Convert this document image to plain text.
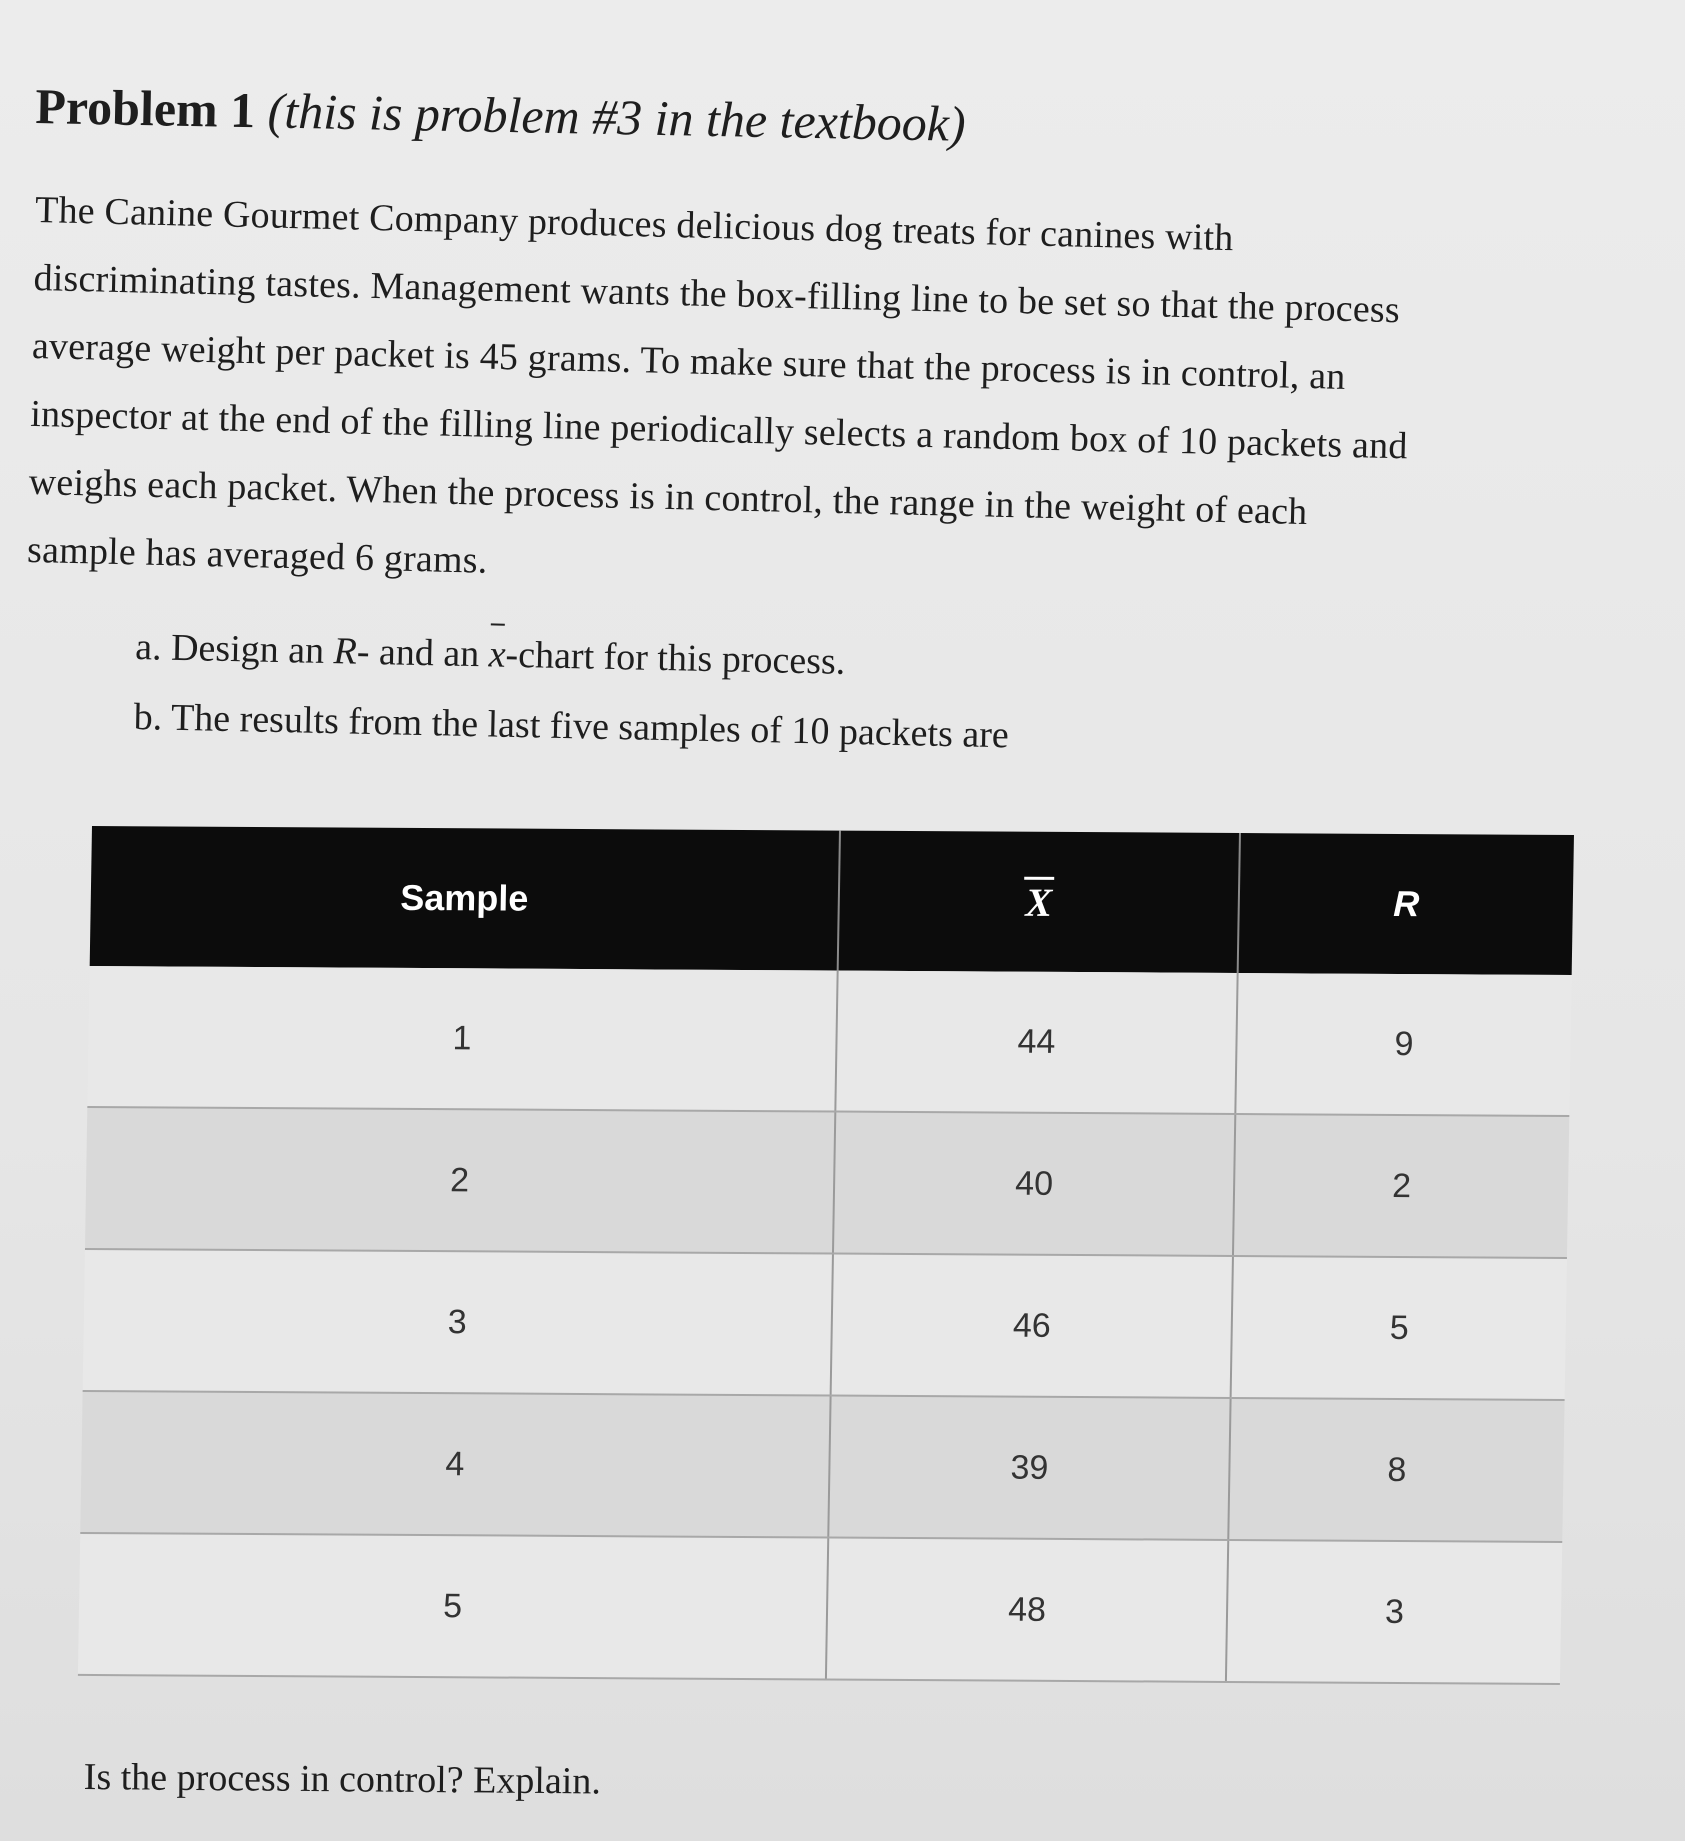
Problem 1 (this is problem #3 in the textbook)
The Canine Gourmet Company produces delicious dog treats for canines with
discriminating tastes. Management wants the box-filling line to be set so that the process
average weight per packet is 45 grams. To make sure that the process is in control, an
inspector at the end of the filling line periodically selects a random box of 10 packets and
weighs each packet. When the process is in control, the range in the weight of each
sample has averaged 6 grams.
a. Design an R- and an x-chart for this process.
b. The results from the last five samples of 10 packets are
Sample	X	R
1	44	9
2	40	2
3	46	5
4	39	8
5	48	3
Is the process in control? Explain.
